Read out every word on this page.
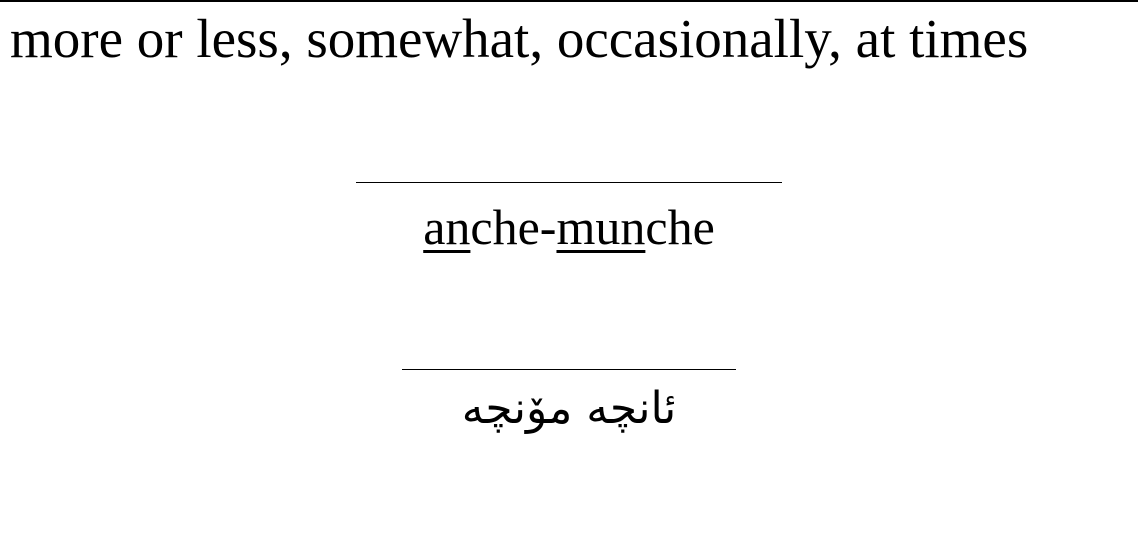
more or less, somewhat, occasionally, at times

anche-munche
ئانچه‌ مۆنچه
